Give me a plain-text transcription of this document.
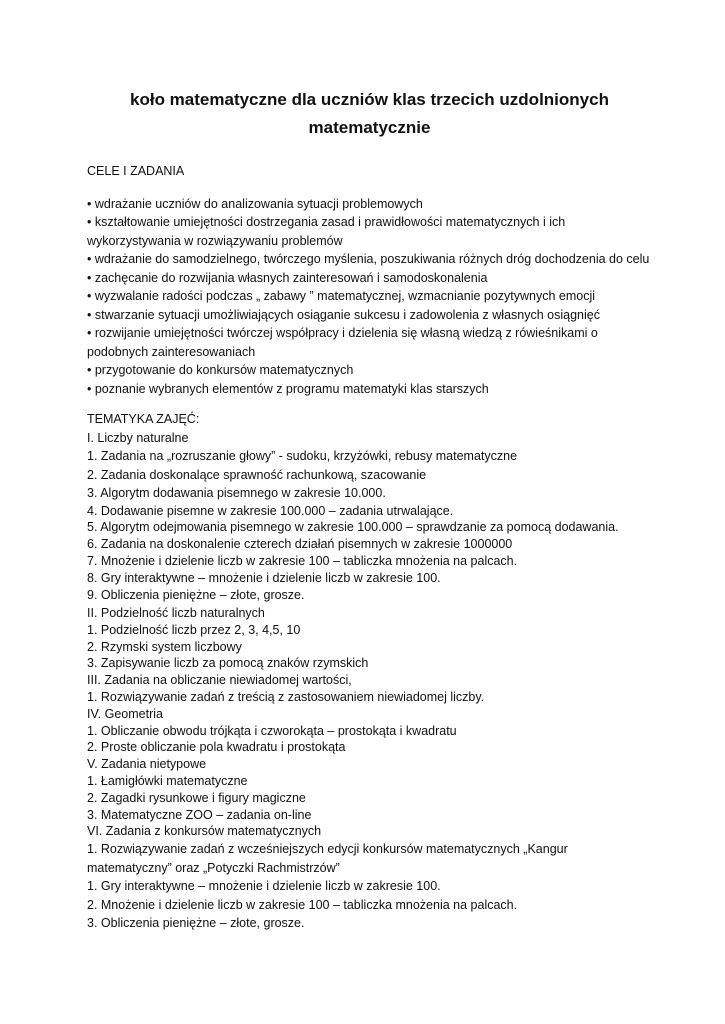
koło matematyczne dla uczniów klas trzecich uzdolnionych matematycznie
CELE I ZADANIA
• wdrażanie uczniów do analizowania sytuacji problemowych
• kształtowanie umiejętności dostrzegania zasad i prawidłowości matematycznych i ich wykorzystywania w rozwiązywaniu problemów
• wdrażanie do samodzielnego, twórczego myślenia, poszukiwania różnych dróg dochodzenia do celu
• zachęcanie do rozwijania własnych zainteresowań i samodoskonalenia
• wyzwalanie radości podczas „ zabawy ” matematycznej, wzmacnianie pozytywnych emocji
• stwarzanie sytuacji umożliwiających osiąganie sukcesu i zadowolenia z własnych osiągnięć
• rozwijanie umiejętności twórczej współpracy i dzielenia się własną wiedzą z rówieśnikami o podobnych zainteresowaniach
• przygotowanie do konkursów matematycznych
• poznanie wybranych elementów z programu matematyki klas starszych
TEMATYKA ZAJĘĆ:
I. Liczby naturalne
1. Zadania na „rozruszanie głowy” - sudoku, krzyżówki, rebusy matematyczne
2. Zadania doskonalące sprawność rachunkową, szacowanie
3. Algorytm dodawania pisemnego w zakresie 10.000.
4. Dodawanie pisemne w zakresie 100.000 – zadania utrwalające.
5. Algorytm odejmowania pisemnego w zakresie 100.000 – sprawdzanie za pomocą dodawania.
6. Zadania na doskonalenie czterech działań pisemnych w zakresie 1000000
7. Mnożenie i dzielenie liczb w zakresie 100 – tabliczka mnożenia na palcach.
8. Gry interaktywne – mnożenie i dzielenie liczb w zakresie 100.
9. Obliczenia pieniężne – złote, grosze.
II. Podzielność liczb naturalnych
1. Podzielność liczb przez 2, 3, 4,5, 10
2. Rzymski system liczbowy
3. Zapisywanie liczb za pomocą znaków rzymskich
III. Zadania na obliczanie niewiadomej wartości,
1. Rozwiązywanie zadań z treścią z zastosowaniem niewiadomej liczby.
IV. Geometria
1. Obliczanie obwodu trójkąta i czworokąta – prostokąta i kwadratu
2. Proste obliczanie pola kwadratu i prostokąta
V. Zadania nietypowe
1. Łamigłówki matematyczne
2. Zagadki rysunkowe i figury magiczne
3. Matematyczne ZOO – zadania on-line
VI. Zadania z konkursów matematycznych
1. Rozwiązywanie zadań z wcześniejszych edycji konkursów matematycznych „Kangur matematyczny” oraz „Potyczki Rachmistrzów”
1. Gry interaktywne – mnożenie i dzielenie liczb w zakresie 100.
2. Mnożenie i dzielenie liczb w zakresie 100 – tabliczka mnożenia na palcach.
3. Obliczenia pieniężne – złote, grosze.
